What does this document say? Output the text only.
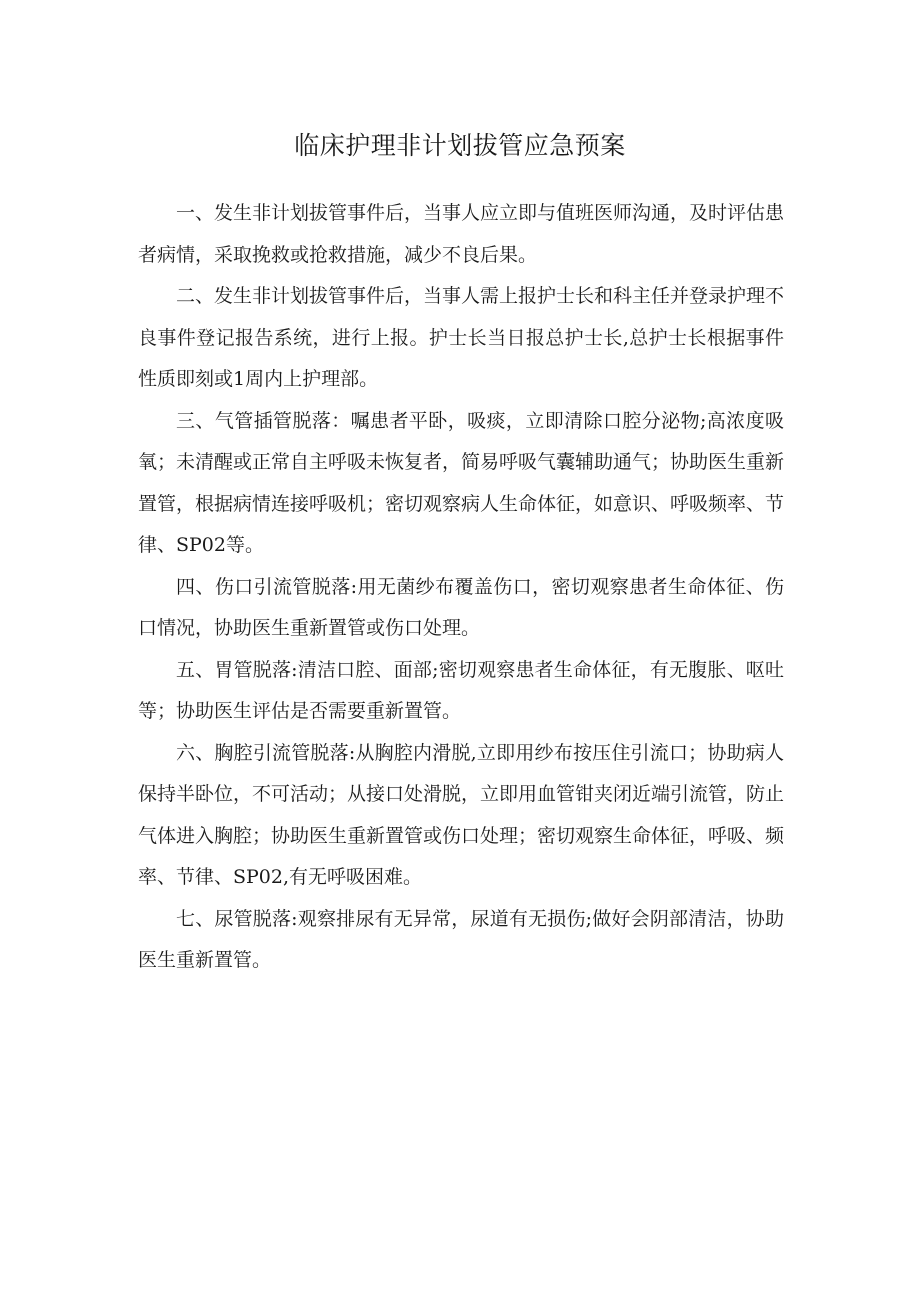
临床护理非计划拔管应急预案

一、发生非计划拔管事件后，当事人应立即与值班医师沟通，及时评估患者病情，采取挽救或抢救措施，减少不良后果。

二、发生非计划拔管事件后，当事人需上报护士长和科主任并登录护理不良事件登记报告系统，进行上报。护士长当日报总护士长,总护士长根据事件性质即刻或1周内上护理部。

三、气管插管脱落：嘱患者平卧，吸痰，立即清除口腔分泌物;高浓度吸氧；未清醒或正常自主呼吸未恢复者，简易呼吸气囊辅助通气；协助医生重新置管，根据病情连接呼吸机；密切观察病人生命体征，如意识、呼吸频率、节律、SP02等。

四、伤口引流管脱落:用无菌纱布覆盖伤口，密切观察患者生命体征、伤口情况，协助医生重新置管或伤口处理。

五、胃管脱落:清洁口腔、面部;密切观察患者生命体征，有无腹胀、呕吐等；协助医生评估是否需要重新置管。

六、胸腔引流管脱落:从胸腔内滑脱,立即用纱布按压住引流口；协助病人保持半卧位，不可活动；从接口处滑脱，立即用血管钳夹闭近端引流管，防止气体进入胸腔；协助医生重新置管或伤口处理；密切观察生命体征，呼吸、频率、节律、SP02,有无呼吸困难。

七、尿管脱落:观察排尿有无异常，尿道有无损伤;做好会阴部清洁，协助医生重新置管。
